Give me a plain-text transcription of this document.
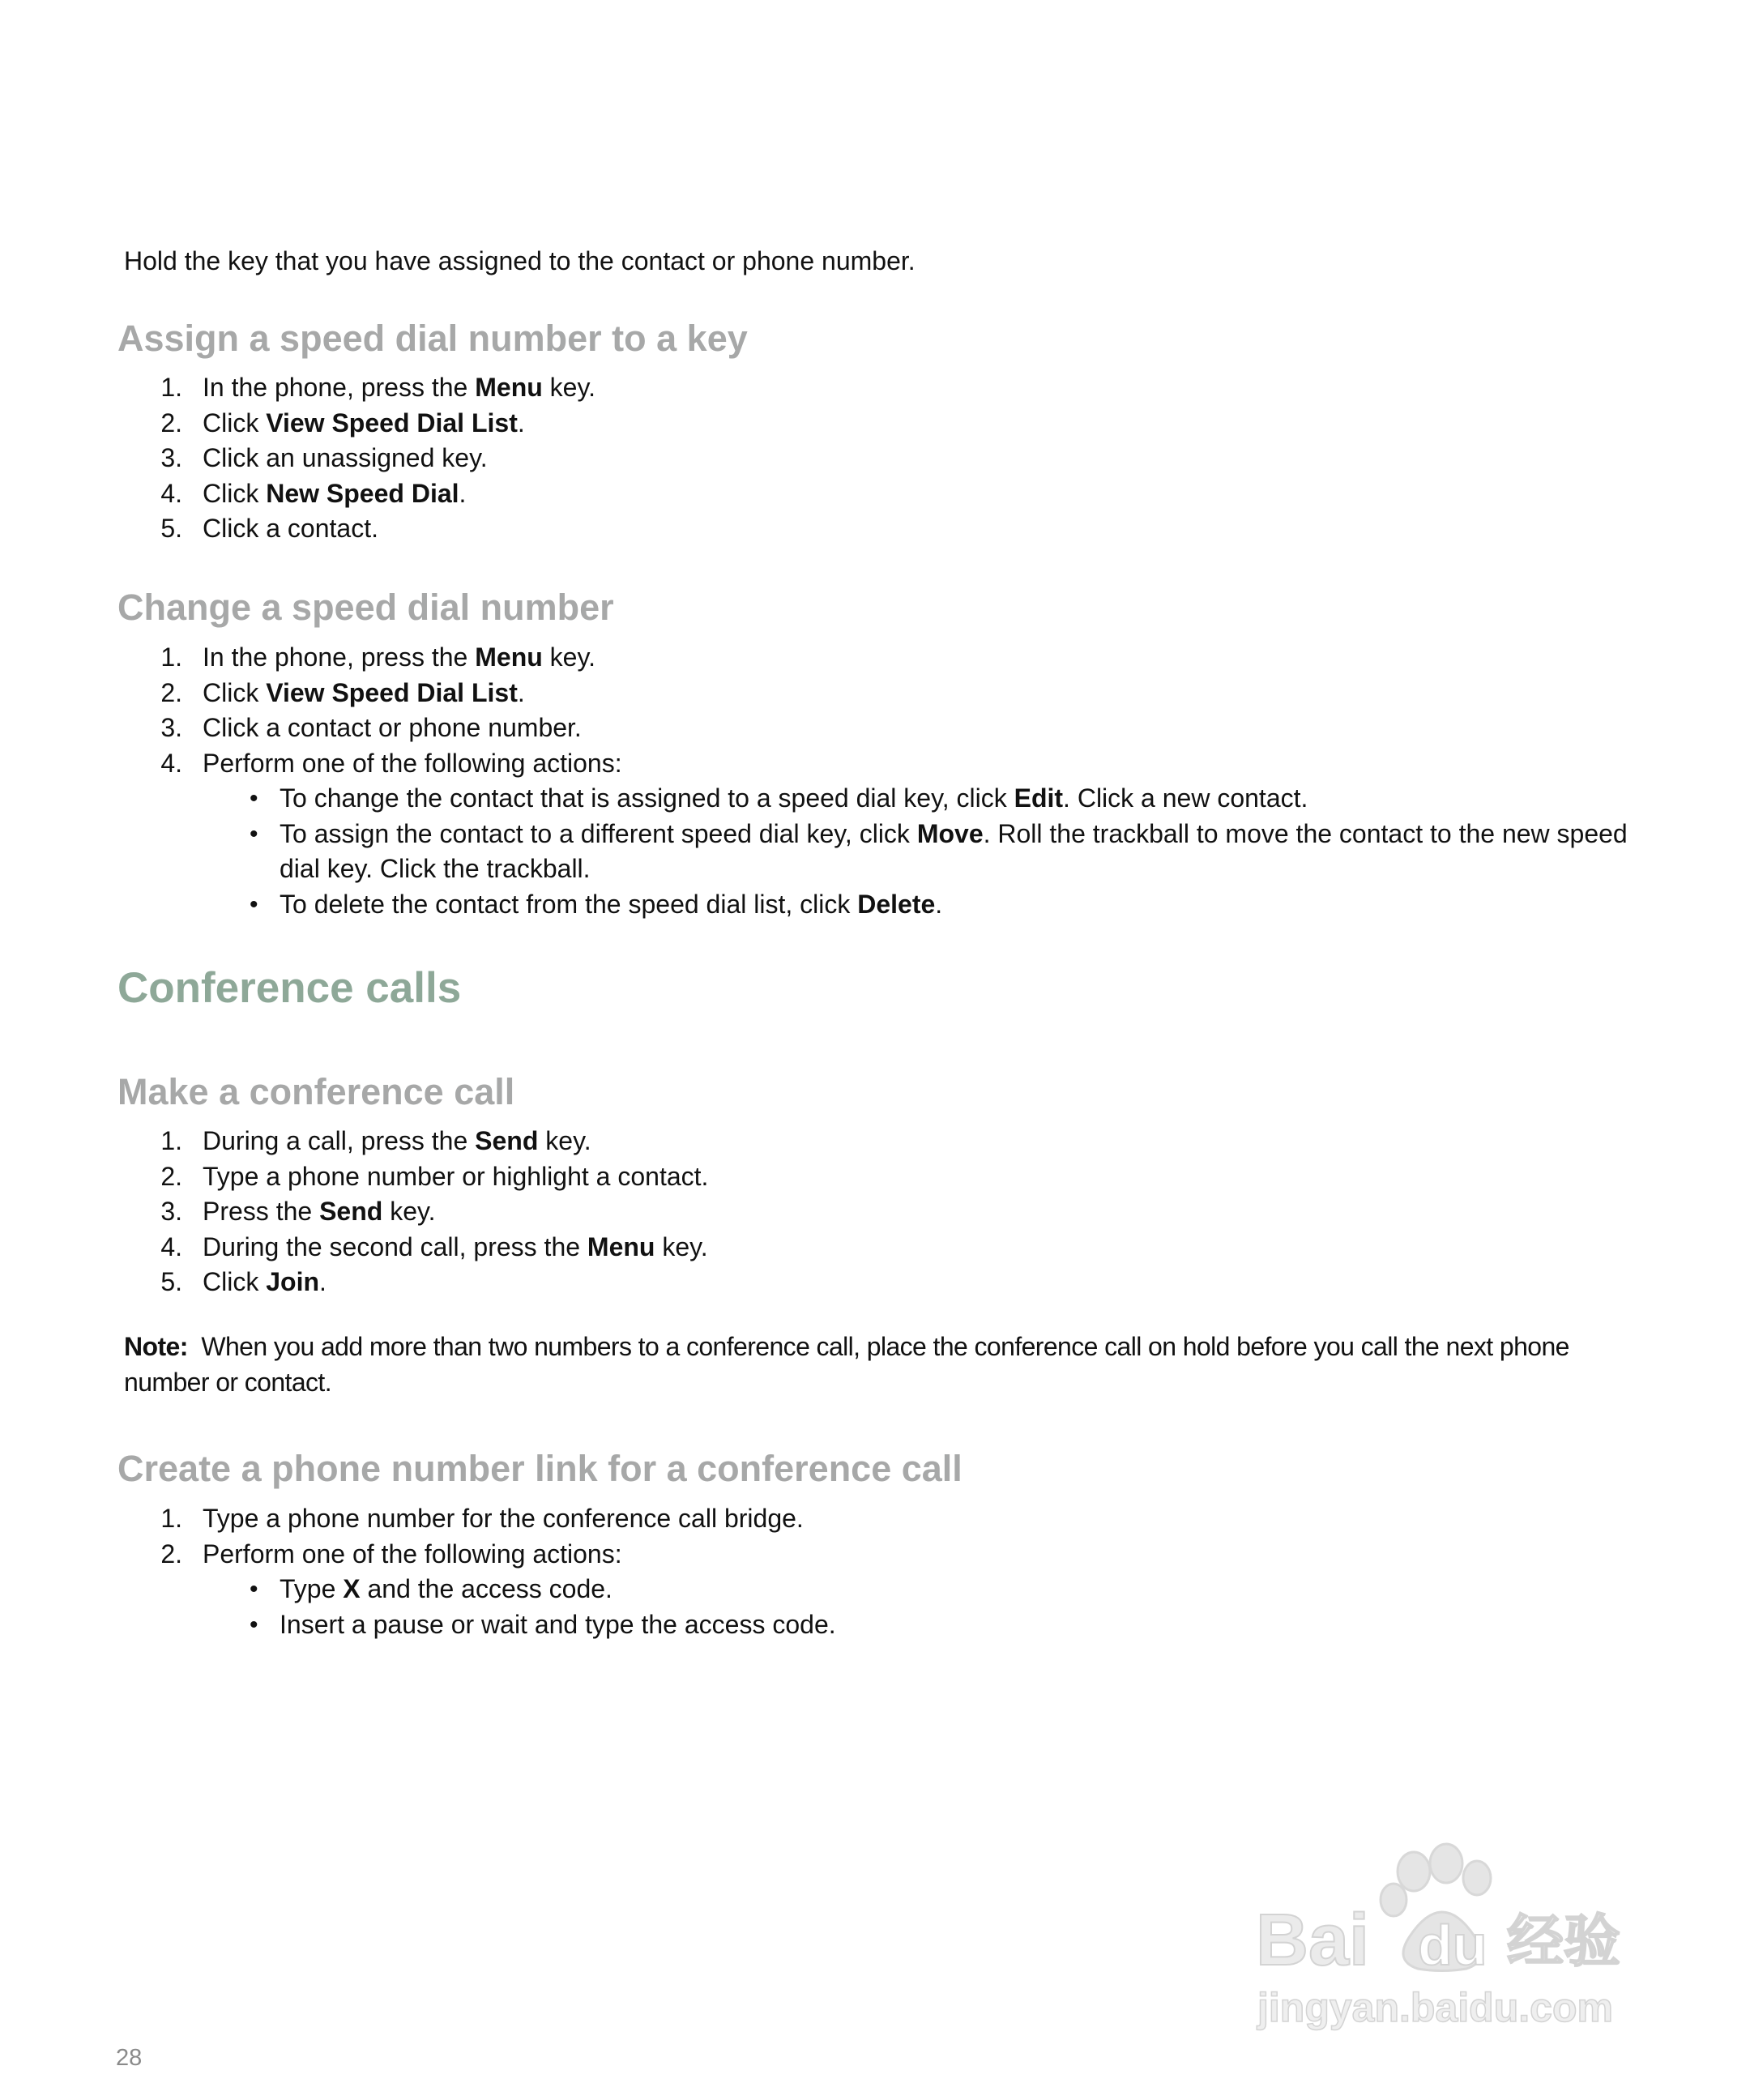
Hold the key that you have assigned to the contact or phone number.

Assign a speed dial number to a key
1. In the phone, press the Menu key.
2. Click View Speed Dial List.
3. Click an unassigned key.
4. Click New Speed Dial.
5. Click a contact.
Change a speed dial number
1. In the phone, press the Menu key.
2. Click View Speed Dial List.
3. Click a contact or phone number.
4. Perform one of the following actions:
• To change the contact that is assigned to a speed dial key, click Edit. Click a new contact.
• To assign the contact to a different speed dial key, click Move. Roll the trackball to move the contact to the new speed dial key. Click the trackball.
• To delete the contact from the speed dial list, click Delete.
Conference calls
Make a conference call
1. During a call, press the Send key.
2. Type a phone number or highlight a contact.
3. Press the Send key.
4. During the second call, press the Menu key.
5. Click Join.

Note: When you add more than two numbers to a conference call, place the conference call on hold before you call the next phone number or contact.

Create a phone number link for a conference call
1. Type a phone number for the conference call bridge.
2. Perform one of the following actions:
• Type X and the access code.
• Insert a pause or wait and type the access code.
Bai du 经验
jingyan.baidu.com

28
